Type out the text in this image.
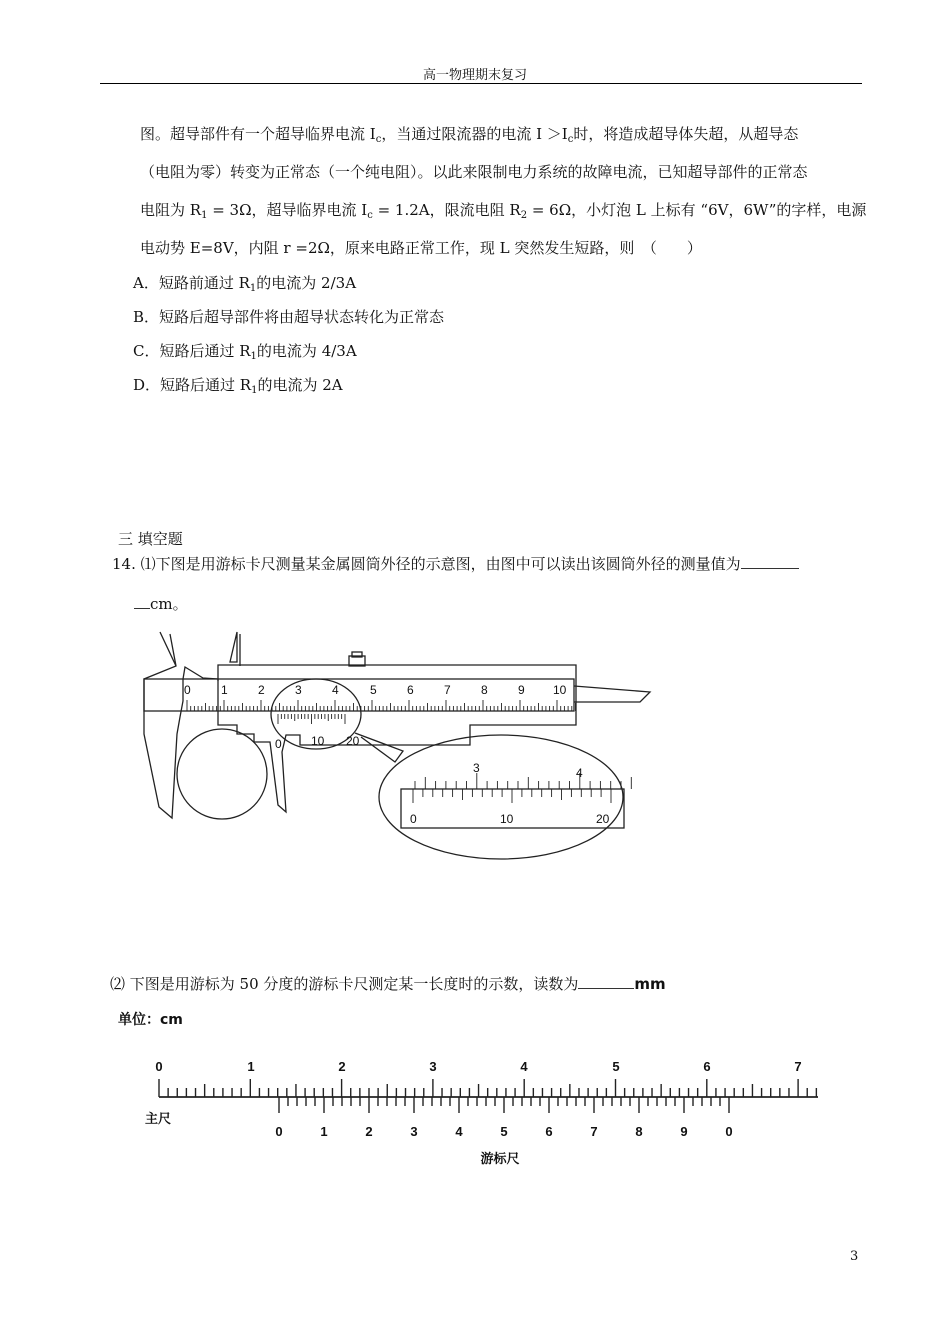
高一物理期末复习
图。超导部件有一个超导临界电流 $I_c$，当通过限流器的电流 $I >I_c$时，将造成超导体失超，从超导态
（电阻为零）转变为正常态（一个纯电阻）。以此来限制电力系统的故障电流，已知超导部件的正常态
电阻为 $R_1 = 3\Omega$，超导临界电流 $I_c = 1.2A$，限流电阻 $R_2 = 6\Omega$，小灯泡 L 上标有 “6V，6W”的字样，电源
电动势 E=8V，内阻 r =2Ω，原来电路正常工作，现 L 突然发生短路，则　（　　）
A．短路前通过 $R_1$的电流为 2/3A
B．短路后超导部件将由超导状态转化为正常态
C．短路后通过 $R_1$的电流为 4/3A
D．短路后通过 $R_1$的电流为 2A
三 填空题
14. ⑴下图是用游标卡尺测量某金属圆筒外径的示意图，由图中可以读出该圆筒外径的测量值为
cm。
0	1	2	3	4	5	6	7	8	9 10
0 10 20
3	4
0	10	20
⑵ 下图是用游标为 50 分度的游标卡尺测定某一长度时的示数，读数为	mm
单位：cm
0	1	2	3	4	5	6	7
0	1	2	3	4	5	6	7	8	9	0
主尺
游标尺
3
